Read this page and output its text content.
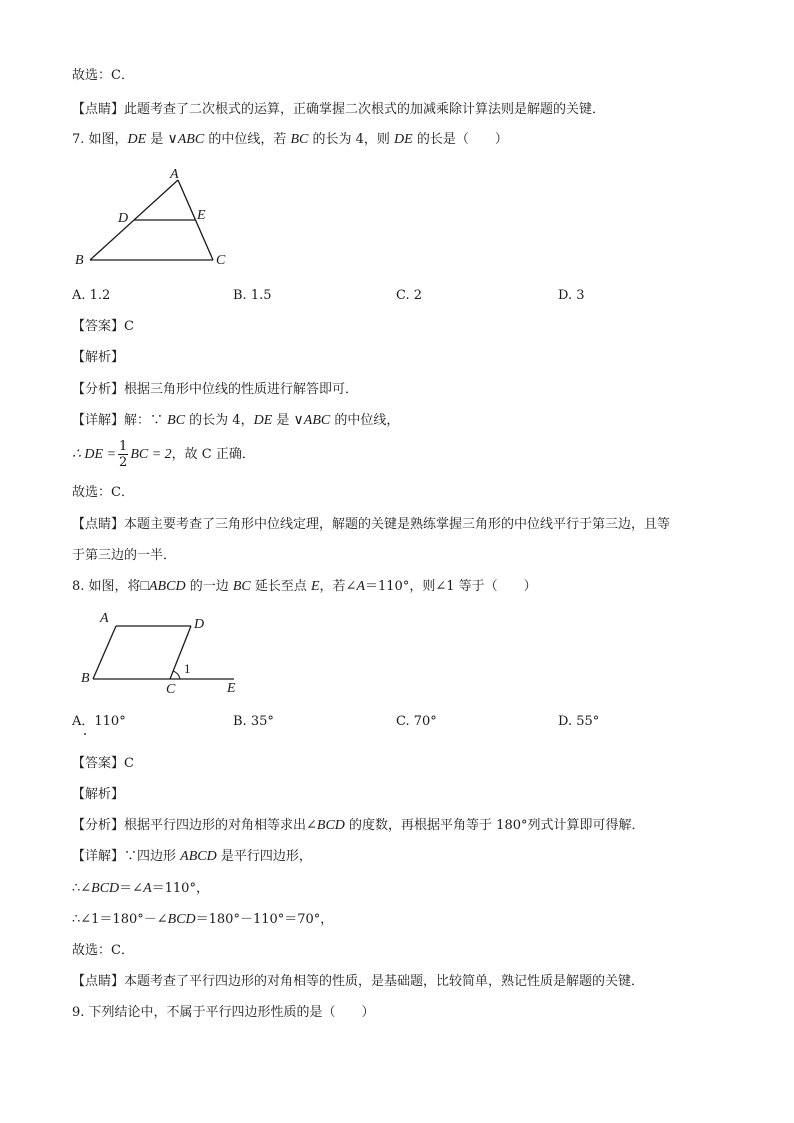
故选：C．
【点睛】此题考查了二次根式的运算，正确掌握二次根式的加减乘除计算法则是解题的关键．
7. 如图，DE 是 ∨ABC 的中位线，若 BC 的长为 4，则 DE 的长是（　　）
A
B	C
D	E
A. 1.2	B. 1.5	C. 2	D. 3
【答案】C
【解析】
【分析】根据三角形中位线的性质进行解答即可．
【详解】解：∵ BC 的长为 4，DE 是 ∨ABC 的中位线，
∴ DE = $\frac{1}{2}$ BC = 2，故 C 正确．
故选：C．
【点睛】本题主要考查了三角形中位线定理，解题的关键是熟练掌握三角形的中位线平行于第三边，且等
于第三边的一半．
8. 如图，将□ABCD 的一边 BC 延长至点 E，若∠A＝110°，则∠1 等于（　　）
A	D
B
C	E
1
A．110°	B. 35°	C. 70°	D. 55°
【答案】C
【解析】
【分析】根据平行四边形的对角相等求出∠BCD 的度数，再根据平角等于 180°列式计算即可得解．
【详解】∵四边形 ABCD 是平行四边形，
∴∠BCD＝∠A＝110°，
∴∠1＝180°－∠BCD＝180°－110°＝70°，
故选：C．
【点睛】本题考查了平行四边形的对角相等的性质，是基础题，比较简单，熟记性质是解题的关键．
9. 下列结论中，不属于平行四边形性质的是（　　）
